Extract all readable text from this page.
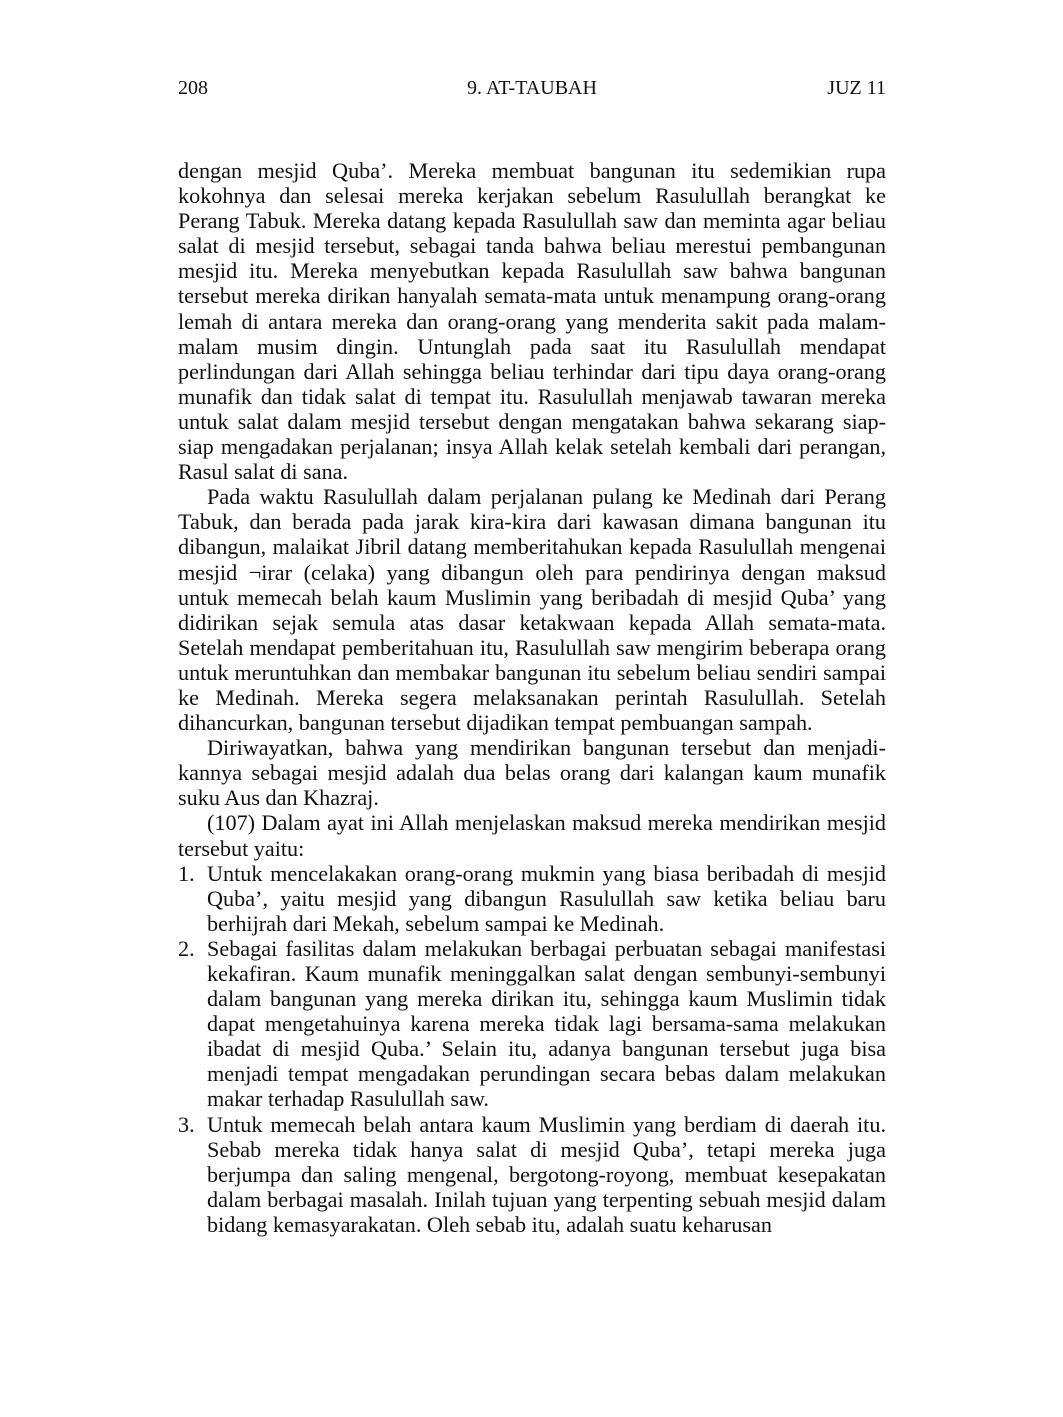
208	9. AT-TAUBAH	JUZ 11

dengan mesjid Quba’. Mereka membuat bangunan itu sedemikian rupa kokohnya dan selesai mereka kerjakan sebelum Rasulullah berangkat ke Perang Tabuk. Mereka datang kepada Rasulullah saw dan meminta agar beliau salat di mesjid tersebut, sebagai tanda bahwa beliau merestui pembangunan mesjid itu. Mereka menyebutkan kepada Rasulullah saw bahwa bangunan tersebut mereka dirikan hanyalah semata-mata untuk menampung orang-orang lemah di antara mereka dan orang-orang yang menderita sakit pada malam-malam musim dingin. Untunglah pada saat itu Rasulullah mendapat perlindungan dari Allah sehingga beliau terhindar dari tipu daya orang-orang munafik dan tidak salat di tempat itu. Rasulullah menjawab tawaran mereka untuk salat dalam mesjid tersebut dengan mengatakan bahwa sekarang siap-siap mengadakan perjalanan; insya Allah kelak setelah kembali dari perangan, Rasul salat di sana.

Pada waktu Rasulullah dalam perjalanan pulang ke Medinah dari Perang Tabuk, dan berada pada jarak kira-kira dari kawasan dimana bangunan itu dibangun, malaikat Jibril datang memberitahukan kepada Rasulullah mengenai mesjid ¬irar (celaka) yang dibangun oleh para pendirinya dengan maksud untuk memecah belah kaum Muslimin yang beribadah di mesjid Quba’ yang didirikan sejak semula atas dasar ketakwaan kepada Allah semata-mata. Setelah mendapat pemberitahuan itu, Rasulullah saw mengirim beberapa orang untuk meruntuhkan dan membakar bangunan itu sebelum beliau sendiri sampai ke Medinah. Mereka segera melaksanakan perintah Rasulullah. Setelah dihancurkan, bangunan tersebut dijadikan tempat pembuangan sampah.

Diriwayatkan, bahwa yang mendirikan bangunan tersebut dan menjadi-kannya sebagai mesjid adalah dua belas orang dari kalangan kaum munafik suku Aus dan Khazraj.

(107) Dalam ayat ini Allah menjelaskan maksud mereka mendirikan mesjid tersebut yaitu:

1. Untuk mencelakakan orang-orang mukmin yang biasa beribadah di mesjid Quba’, yaitu mesjid yang dibangun Rasulullah saw ketika beliau baru berhijrah dari Mekah, sebelum sampai ke Medinah.
2. Sebagai fasilitas dalam melakukan berbagai perbuatan sebagai manifestasi kekafiran. Kaum munafik meninggalkan salat dengan sembunyi-sembunyi dalam bangunan yang mereka dirikan itu, sehingga kaum Muslimin tidak dapat mengetahuinya karena mereka tidak lagi bersama-sama melakukan ibadat di mesjid Quba.’ Selain itu, adanya bangunan tersebut juga bisa menjadi tempat mengadakan perundingan secara bebas dalam melakukan makar terhadap Rasulullah saw.
3. Untuk memecah belah antara kaum Muslimin yang berdiam di daerah itu. Sebab mereka tidak hanya salat di mesjid Quba’, tetapi mereka juga berjumpa dan saling mengenal, bergotong-royong, membuat kesepakatan dalam berbagai masalah. Inilah tujuan yang terpenting sebuah mesjid dalam bidang kemasyarakatan. Oleh sebab itu, adalah suatu keharusan
